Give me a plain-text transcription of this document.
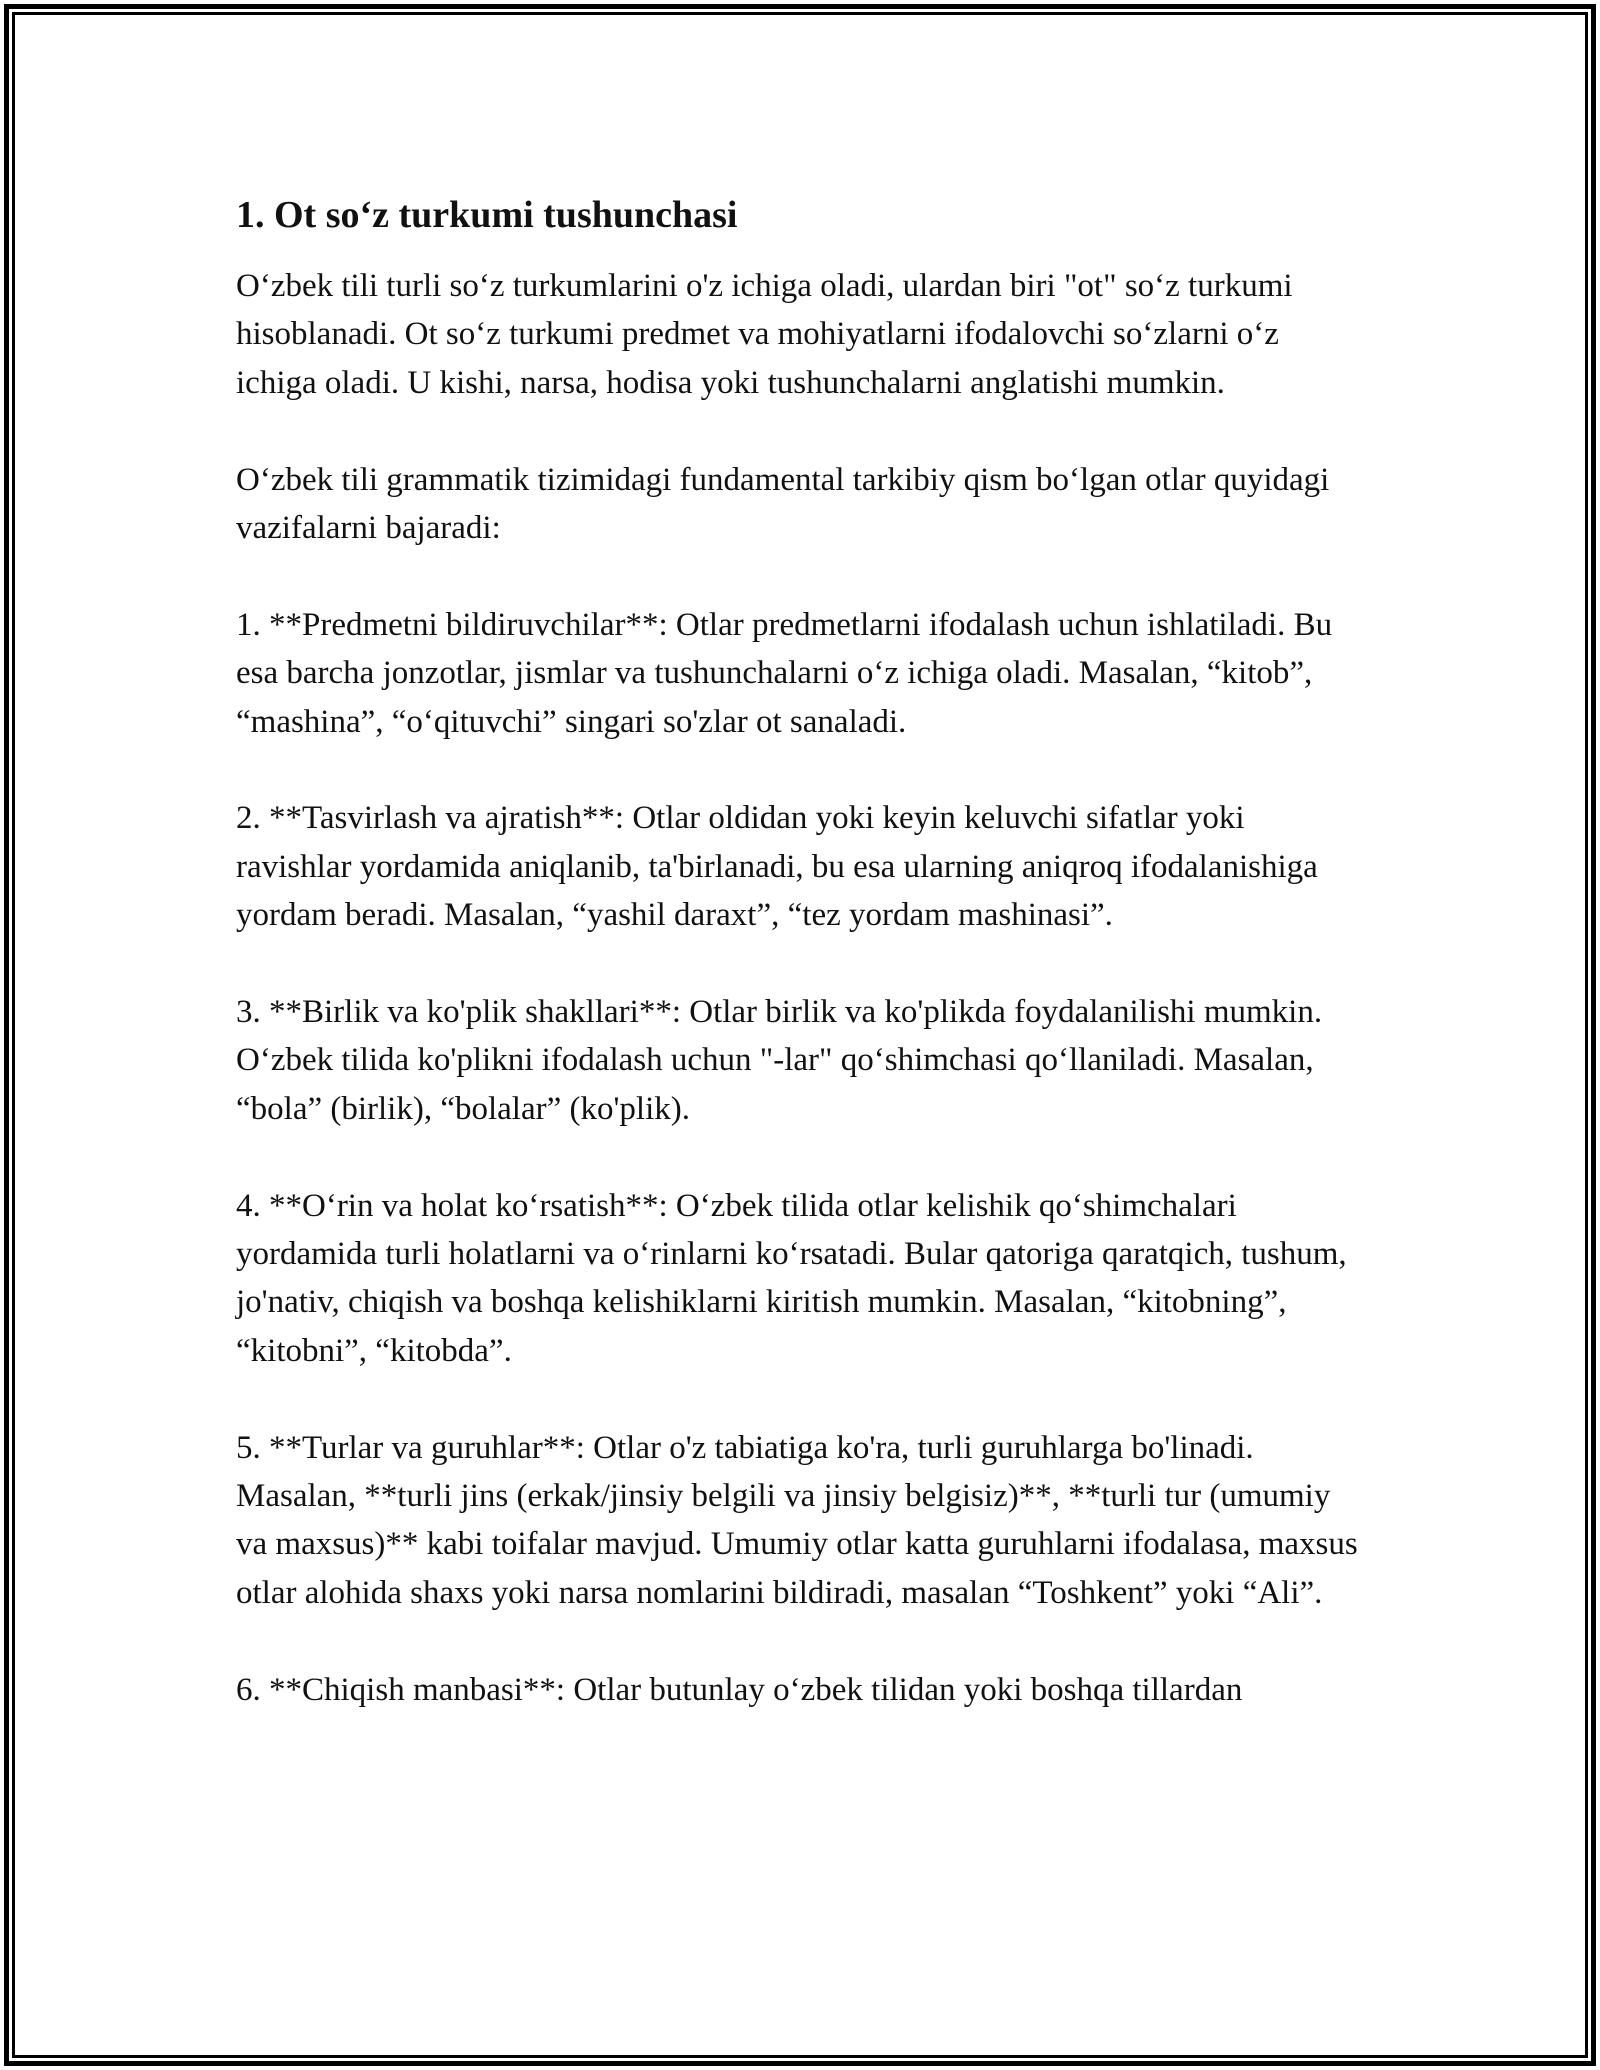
1. Ot so‘z turkumi tushunchasi

O‘zbek tili turli so‘z turkumlarini o'z ichiga oladi, ulardan biri "ot" so‘z turkumi hisoblanadi. Ot so‘z turkumi predmet va mohiyatlarni ifodalovchi so‘zlarni o‘z ichiga oladi. U kishi, narsa, hodisa yoki tushunchalarni anglatishi mumkin.

O‘zbek tili grammatik tizimidagi fundamental tarkibiy qism bo‘lgan otlar quyidagi vazifalarni bajaradi:

1. **Predmetni bildiruvchilar**: Otlar predmetlarni ifodalash uchun ishlatiladi. Bu esa barcha jonzotlar, jismlar va tushunchalarni o‘z ichiga oladi. Masalan, “kitob”, “mashina”, “o‘qituvchi” singari so'zlar ot sanaladi.

2. **Tasvirlash va ajratish**: Otlar oldidan yoki keyin keluvchi sifatlar yoki ravishlar yordamida aniqlanib, ta'birlanadi, bu esa ularning aniqroq ifodalanishiga yordam beradi. Masalan, “yashil daraxt”, “tez yordam mashinasi”.

3. **Birlik va ko'plik shakllari**: Otlar birlik va ko'plikda foydalanilishi mumkin. O‘zbek tilida ko'plikni ifodalash uchun "-lar" qo‘shimchasi qo‘llaniladi. Masalan, “bola” (birlik), “bolalar” (ko'plik).

4. **O‘rin va holat ko‘rsatish**: O‘zbek tilida otlar kelishik qo‘shimchalari yordamida turli holatlarni va o‘rinlarni ko‘rsatadi. Bular qatoriga qaratqich, tushum, jo'nativ, chiqish va boshqa kelishiklarni kiritish mumkin. Masalan, “kitobning”, “kitobni”, “kitobda”.

5. **Turlar va guruhlar**: Otlar o'z tabiatiga ko'ra, turli guruhlarga bo'linadi. Masalan, **turli jins (erkak/jinsiy belgili va jinsiy belgisiz)**, **turli tur (umumiy va maxsus)** kabi toifalar mavjud. Umumiy otlar katta guruhlarni ifodalasa, maxsus otlar alohida shaxs yoki narsa nomlarini bildiradi, masalan “Toshkent” yoki “Ali”.

6. **Chiqish manbasi**: Otlar butunlay o‘zbek tilidan yoki boshqa tillardan
